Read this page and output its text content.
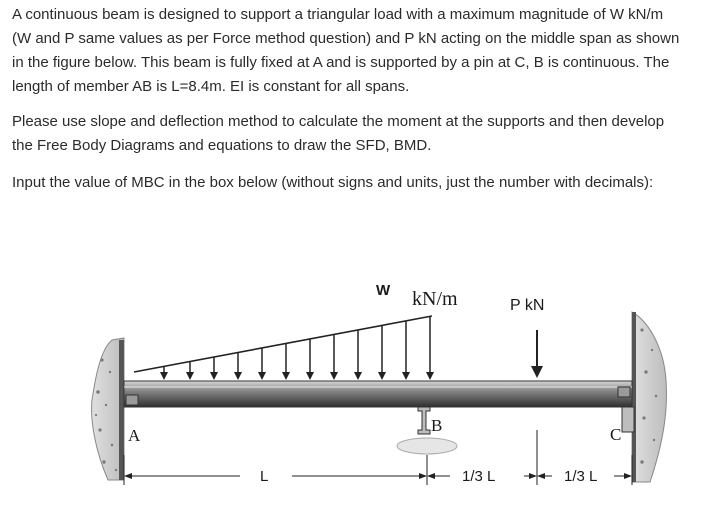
A continuous beam is designed to support a triangular load with a maximum magnitude of W kN/m
(W and P same values as per Force method question) and P kN acting on the middle span as shown
in the figure below. This beam is fully fixed at A and is supported by a pin at C, B is continuous. The
length of member AB is L=8.4m. EI is constant for all spans.

Please use slope and deflection method to calculate the moment at the supports and then develop
the Free Body Diagrams and equations to draw the SFD, BMD.

Input the value of MBC in the box below (without signs and units, just the number with decimals):

W kN/m	P kN
A
B	C
L	1/3 L	1/3 L
